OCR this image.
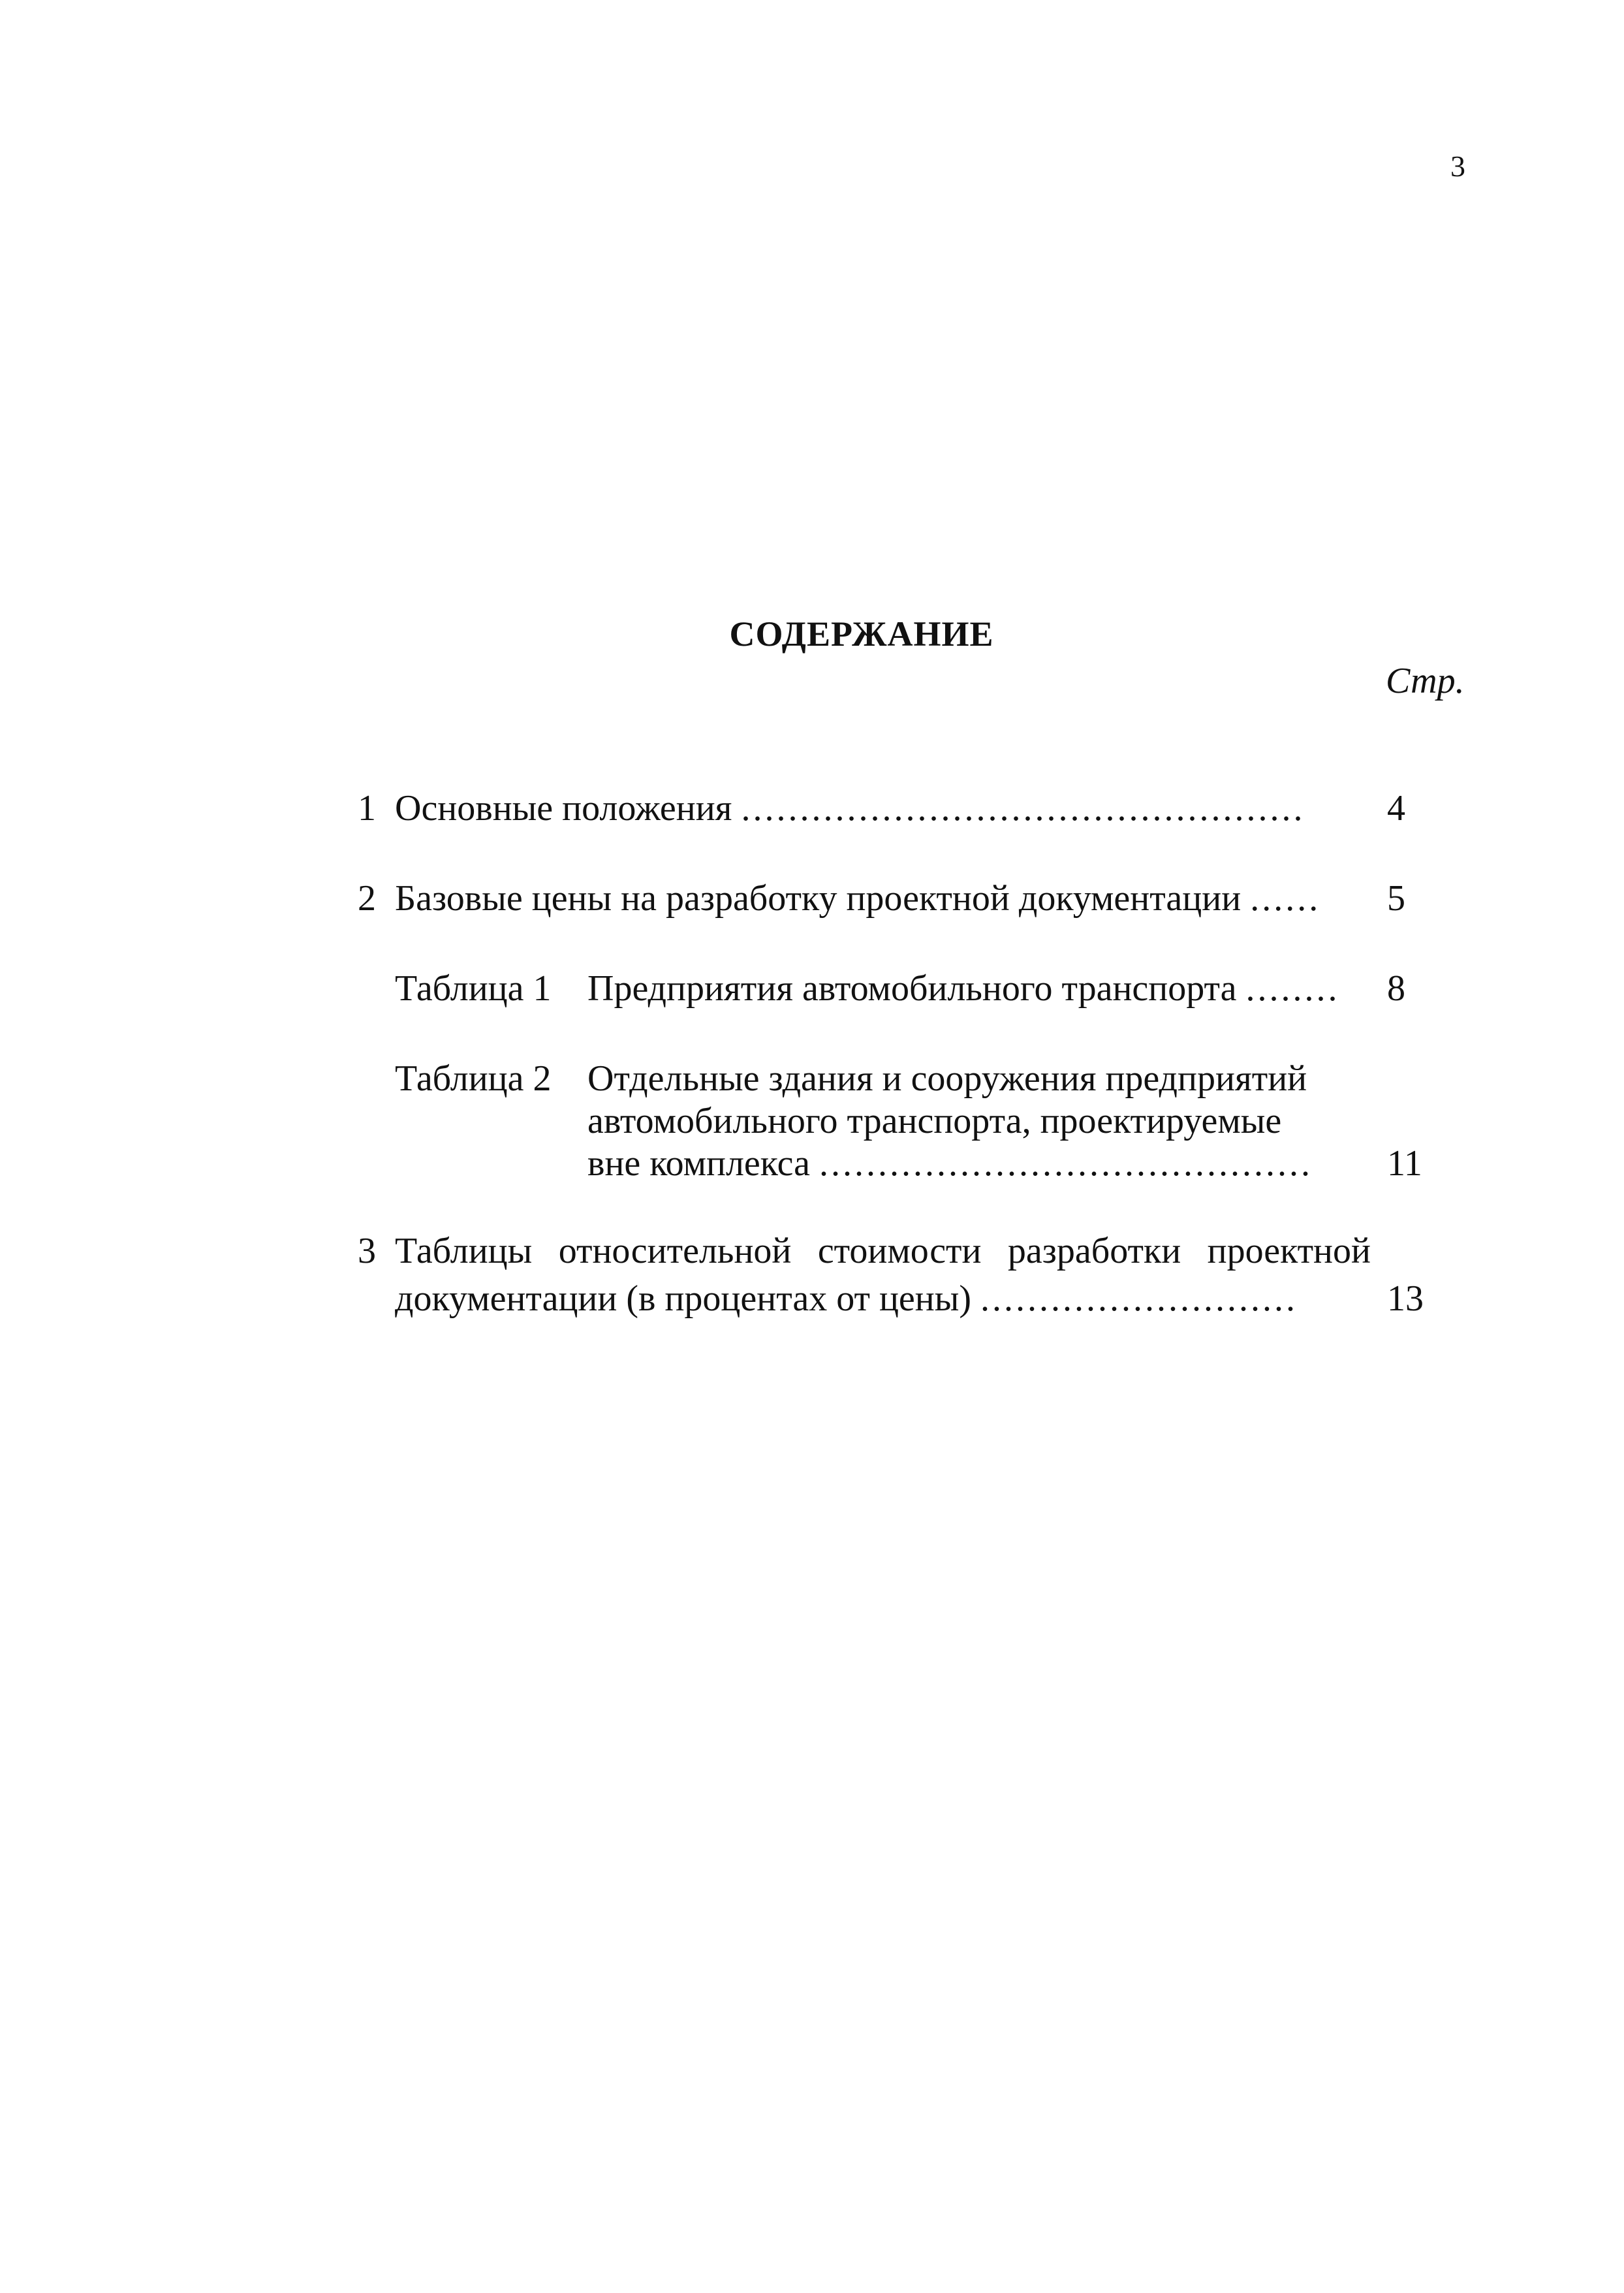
3
СОДЕРЖАНИЕ
Стр.
1 Основные положения ................................................ 4
2 Базовые цены на разработку проектной документации ...... 5
Таблица 1 Предприятия автомобильного транспорта ........ 8
Таблица 2 Отдельные здания и сооружения предприятий
автомобильного транспорта, проектируемые
вне комплекса .......................................... 11
3 Таблицы относительной стоимости разработки проектной
документации (в процентах от цены) ........................... 13
